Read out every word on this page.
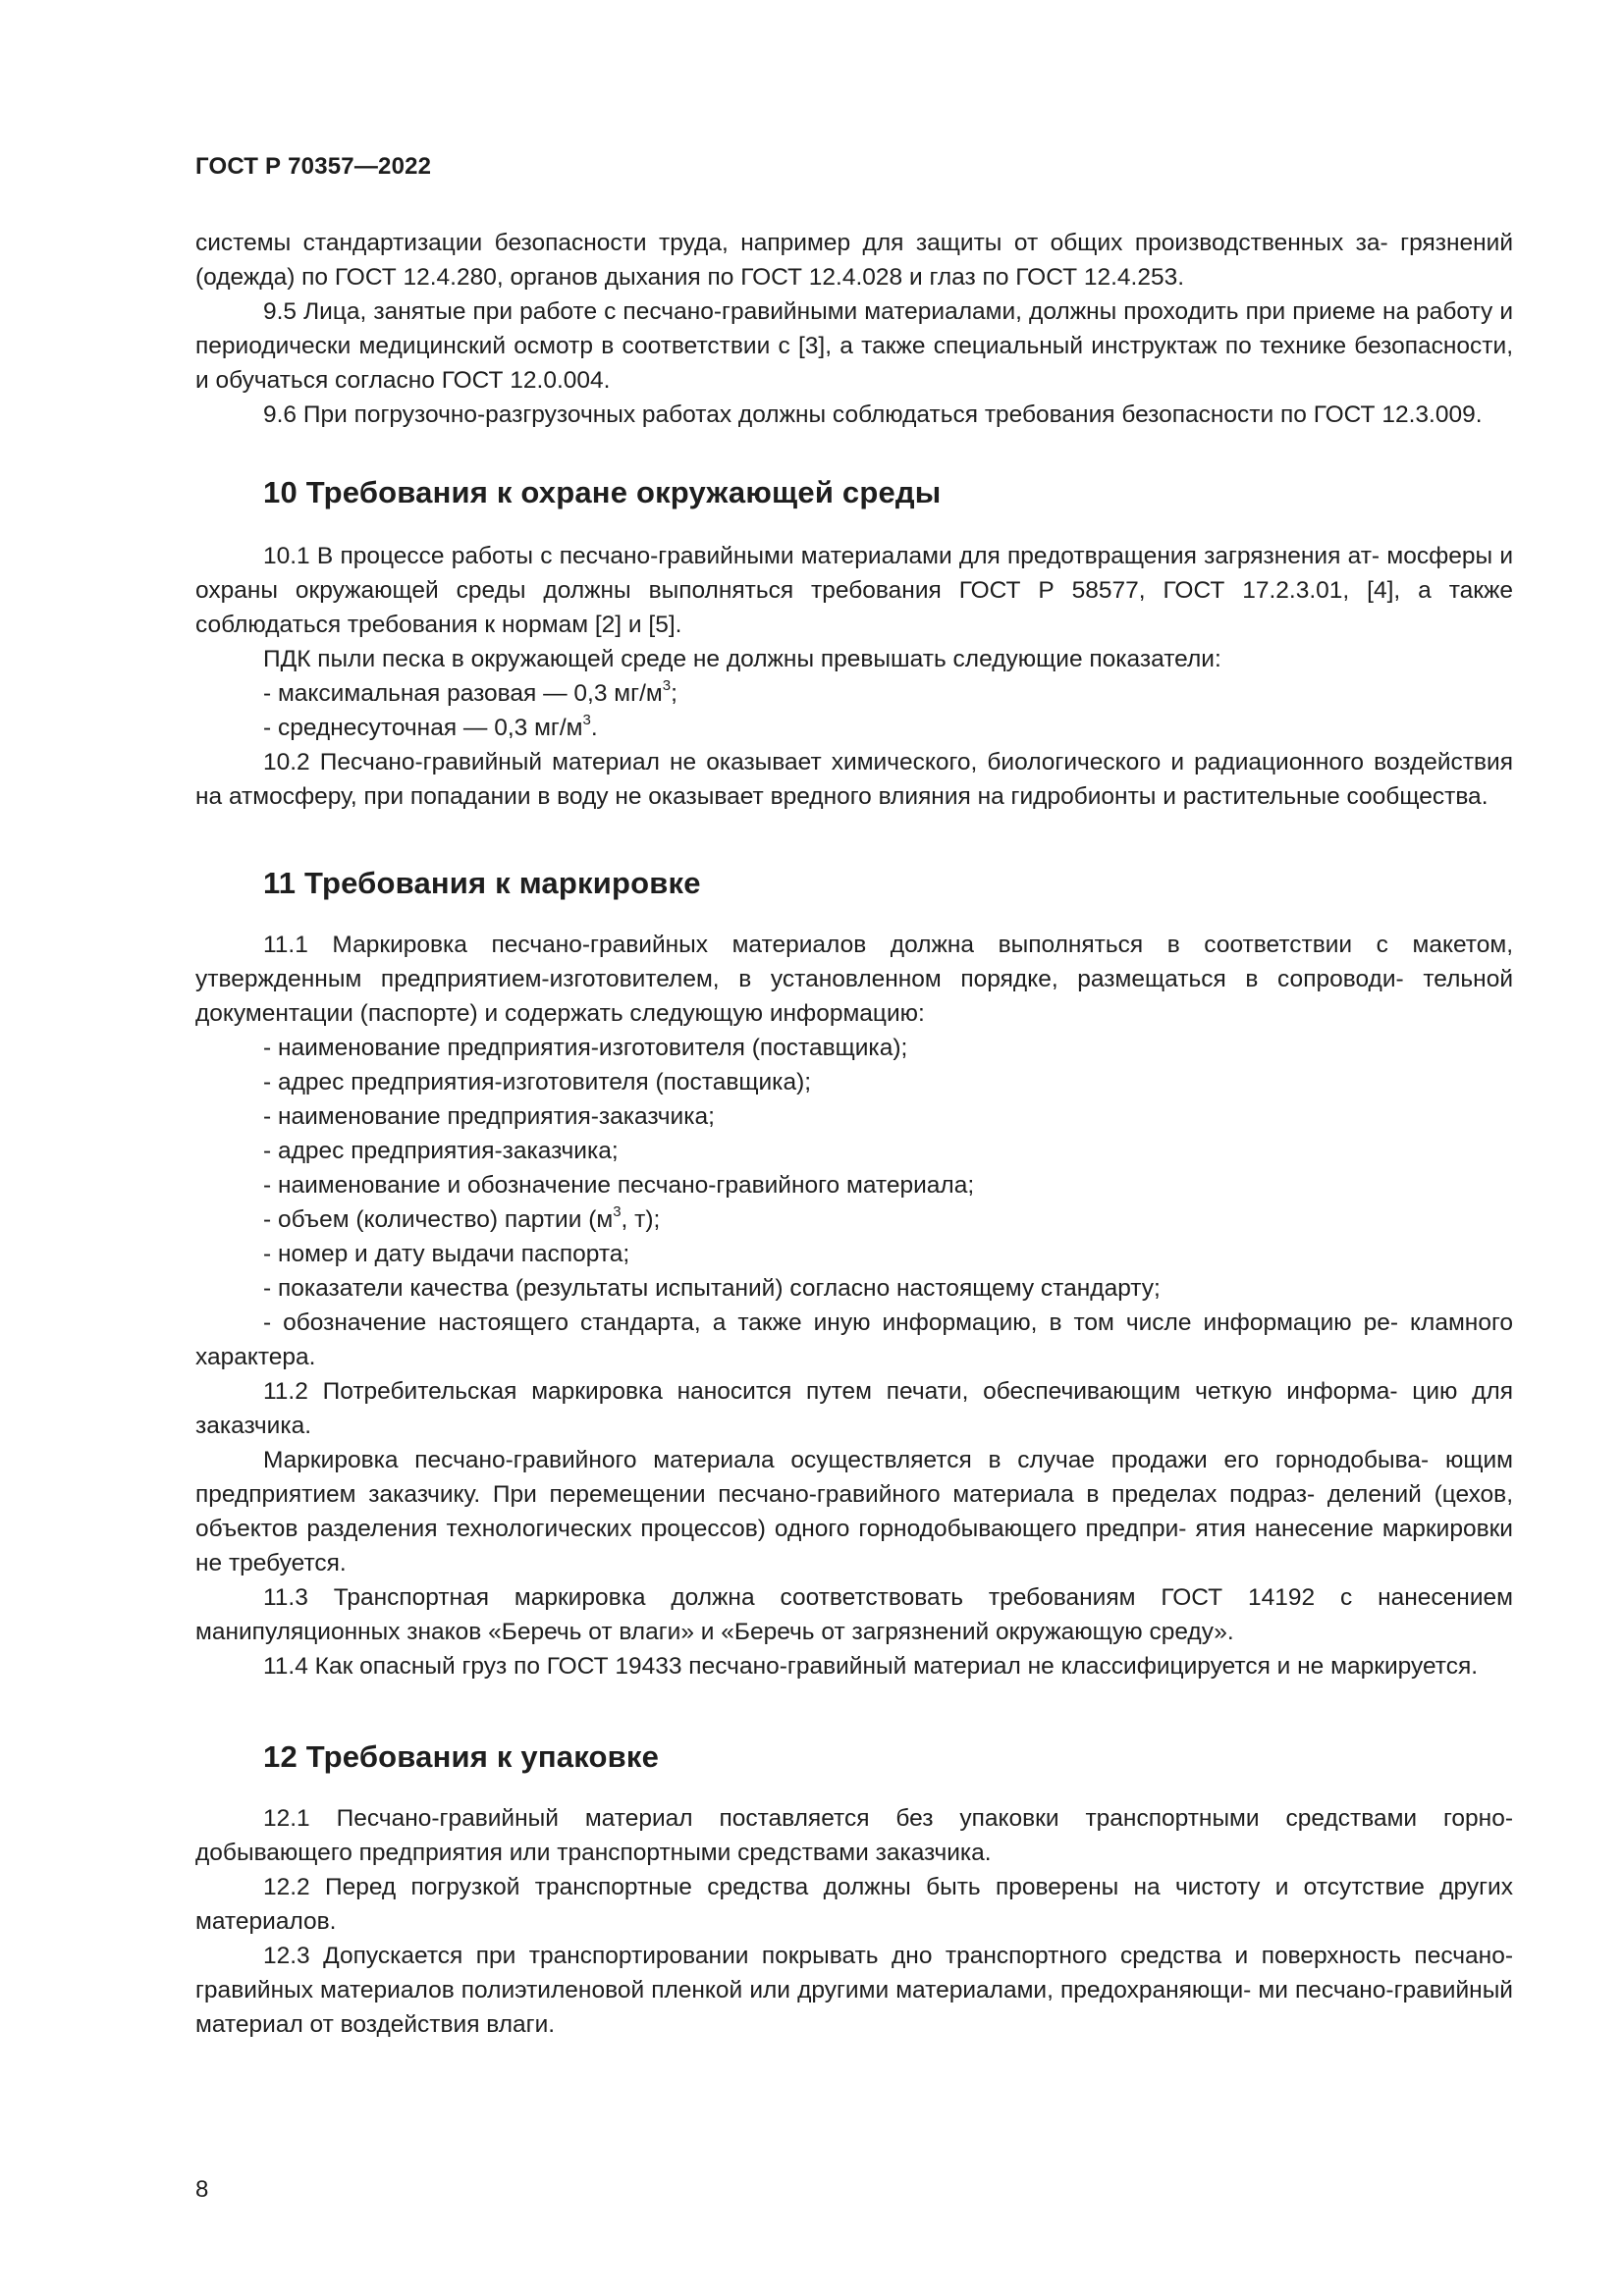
ГОСТ Р 70357—2022

системы стандартизации безопасности труда, например для защиты от общих производственных за- грязнений (одежда) по ГОСТ 12.4.280, органов дыхания по ГОСТ 12.4.028 и глаз по ГОСТ 12.4.253.

9.5 Лица, занятые при работе с песчано-гравийными материалами, должны проходить при приеме на работу и периодически медицинский осмотр в соответствии с [3], а также специальный инструктаж по технике безопасности, и обучаться согласно ГОСТ 12.0.004.

9.6 При погрузочно-разгрузочных работах должны соблюдаться требования безопасности по ГОСТ 12.3.009.

10 Требования к охране окружающей среды

10.1 В процессе работы с песчано-гравийными материалами для предотвращения загрязнения ат- мосферы и охраны окружающей среды должны выполняться требования ГОСТ Р 58577, ГОСТ 17.2.3.01, [4], а также соблюдаться требования к нормам [2] и [5].

ПДК пыли песка в окружающей среде не должны превышать следующие показатели:

- максимальная разовая — 0,3 $мг/м^3$;

- среднесуточная — 0,3 $мг/м^3$.

10.2 Песчано-гравийный материал не оказывает химического, биологического и радиационного воздействия на атмосферу, при попадании в воду не оказывает вредного влияния на гидробионты и растительные сообщества.

11 Требования к маркировке

11.1 Маркировка песчано-гравийных материалов должна выполняться в соответствии с макетом, утвержденным предприятием-изготовителем, в установленном порядке, размещаться в сопроводи- тельной документации (паспорте) и содержать следующую информацию:

- наименование предприятия-изготовителя (поставщика);

- адрес предприятия-изготовителя (поставщика);

- наименование предприятия-заказчика;

- адрес предприятия-заказчика;

- наименование и обозначение песчано-гравийного материала;

- объем (количество) партии ($м^3$, т);

- номер и дату выдачи паспорта;

- показатели качества (результаты испытаний) согласно настоящему стандарту;

- обозначение настоящего стандарта, а также иную информацию, в том числе информацию ре- кламного характера.

11.2 Потребительская маркировка наносится путем печати, обеспечивающим четкую информа- цию для заказчика.

Маркировка песчано-гравийного материала осуществляется в случае продажи его горнодобыва- ющим предприятием заказчику. При перемещении песчано-гравийного материала в пределах подраз- делений (цехов, объектов разделения технологических процессов) одного горнодобывающего предпри- ятия нанесение маркировки не требуется.

11.3 Транспортная маркировка должна соответствовать требованиям ГОСТ 14192 с нанесением манипуляционных знаков «Беречь от влаги» и «Беречь от загрязнений окружающую среду».

11.4 Как опасный груз по ГОСТ 19433 песчано-гравийный материал не классифицируется и не маркируется.

12 Требования к упаковке

12.1 Песчано-гравийный материал поставляется без упаковки транспортными средствами горно- добывающего предприятия или транспортными средствами заказчика.

12.2 Перед погрузкой транспортные средства должны быть проверены на чистоту и отсутствие других материалов.

12.3 Допускается при транспортировании покрывать дно транспортного средства и поверхность песчано-гравийных материалов полиэтиленовой пленкой или другими материалами, предохраняющи- ми песчано-гравийный материал от воздействия влаги.

8
